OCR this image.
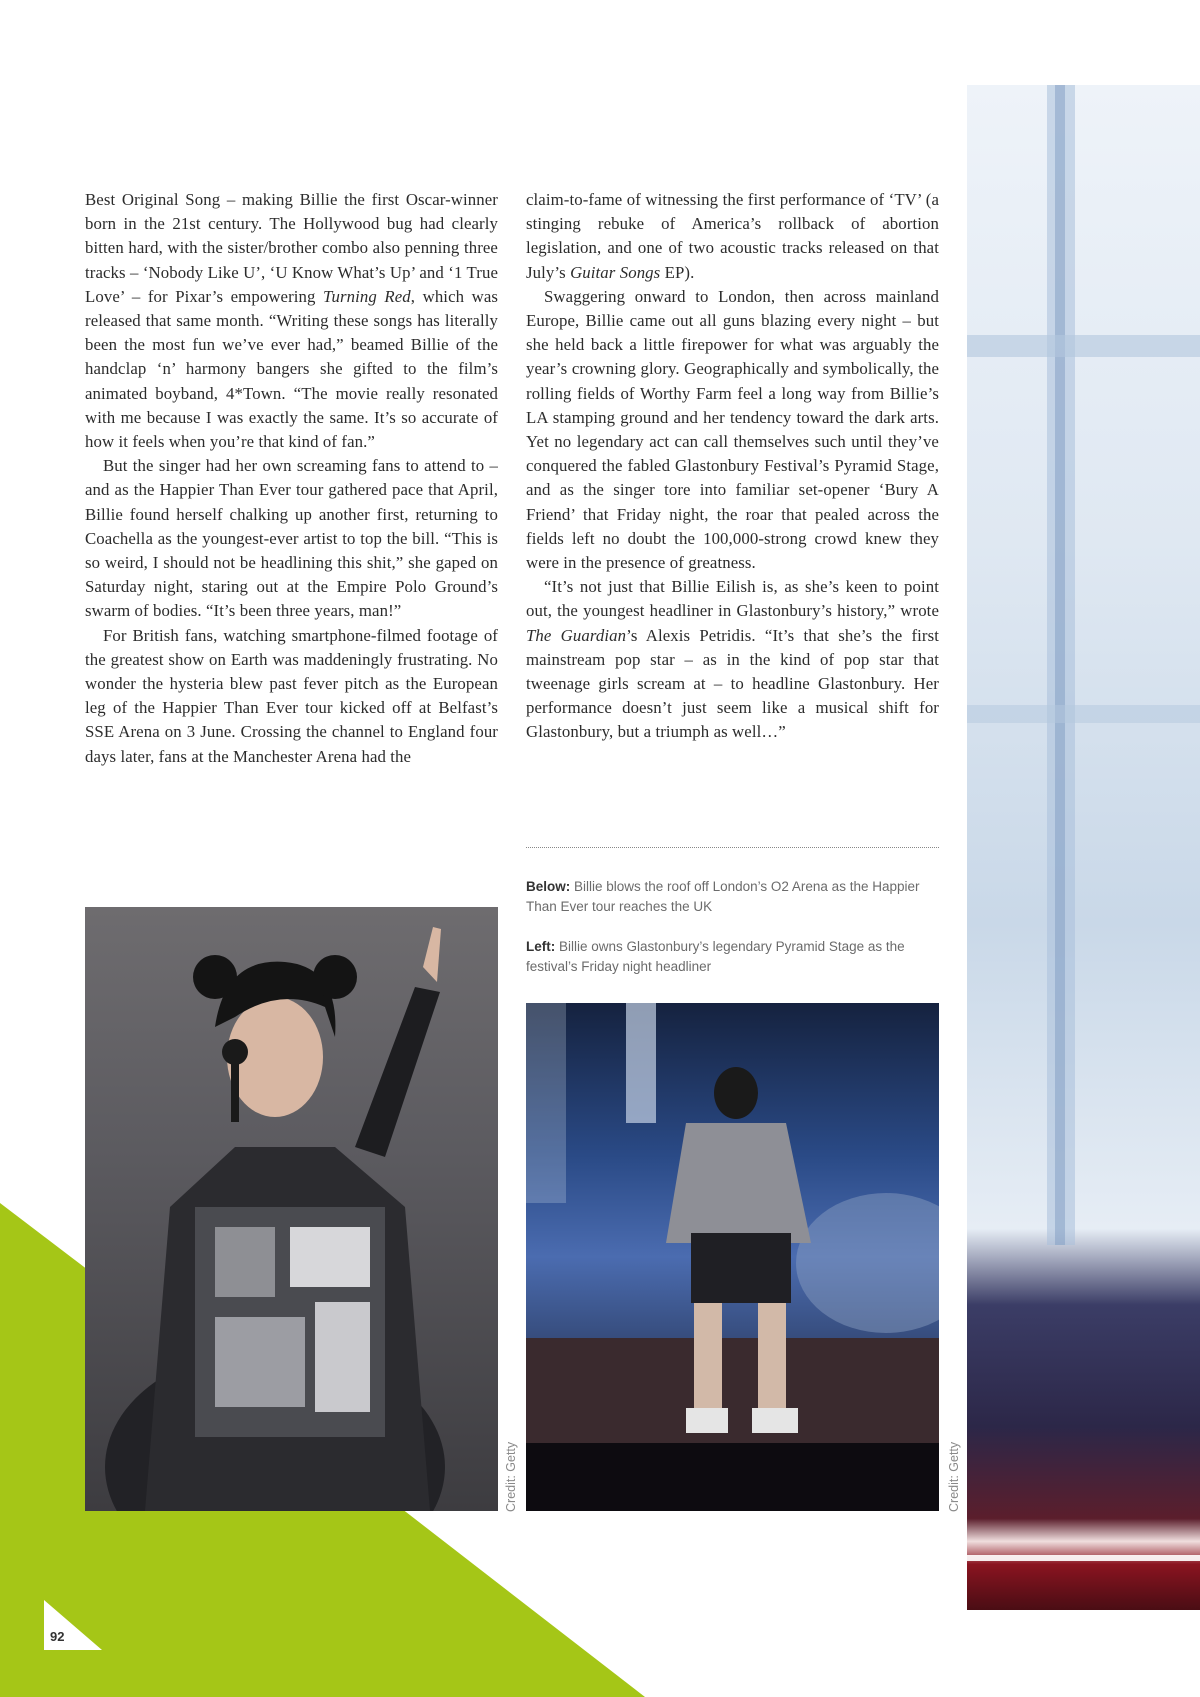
92

Best Original Song – making Billie the first Oscar-winner born in the 21st century. The Hollywood bug had clearly bitten hard, with the sister/brother combo also penning three tracks – ‘Nobody Like U’, ‘U Know What’s Up’ and ‘1 True Love’ – for Pixar’s empowering Turning Red, which was released that same month. “Writing these songs has literally been the most fun we’ve ever had,” beamed Billie of the handclap ‘n’ harmony bangers she gifted to the film’s animated boyband, 4*Town. “The movie really resonated with me because I was exactly the same. It’s so accurate of how it feels when you’re that kind of fan.”

But the singer had her own screaming fans to attend to – and as the Happier Than Ever tour gathered pace that April, Billie found herself chalking up another first, returning to Coachella as the youngest-ever artist to top the bill. “This is so weird, I should not be headlining this shit,” she gaped on Saturday night, staring out at the Empire Polo Ground’s swarm of bodies. “It’s been three years, man!”

For British fans, watching smartphone-filmed footage of the greatest show on Earth was maddeningly frustrating. No wonder the hysteria blew past fever pitch as the European leg of the Happier Than Ever tour kicked off at Belfast’s SSE Arena on 3 June. Crossing the channel to England four days later, fans at the Manchester Arena had the

claim-to-fame of witnessing the first performance of ‘TV’ (a stinging rebuke of America’s rollback of abortion legislation, and one of two acoustic tracks released on that July’s Guitar Songs EP).

Swaggering onward to London, then across mainland Europe, Billie came out all guns blazing every night – but she held back a little firepower for what was arguably the year’s crowning glory. Geographically and symbolically, the rolling fields of Worthy Farm feel a long way from Billie’s LA stamping ground and her tendency toward the dark arts. Yet no legendary act can call themselves such until they’ve conquered the fabled Glastonbury Festival’s Pyramid Stage, and as the singer tore into familiar set-opener ‘Bury A Friend’ that Friday night, the roar that pealed across the fields left no doubt the 100,000-strong crowd knew they were in the presence of greatness.

“It’s not just that Billie Eilish is, as she’s keen to point out, the youngest headliner in Glastonbury’s history,” wrote The Guardian’s Alexis Petridis. “It’s that she’s the first mainstream pop star – as in the kind of pop star that tweenage girls scream at – to headline Glastonbury. Her performance doesn’t just seem like a musical shift for Glastonbury, but a triumph as well…”

Below: Billie blows the roof off London’s O2 Arena as the Happier Than Ever tour reaches the UK
Left: Billie owns Glastonbury’s legendary Pyramid Stage as the festival’s Friday night headliner
Credit: Getty	Credit: Getty
